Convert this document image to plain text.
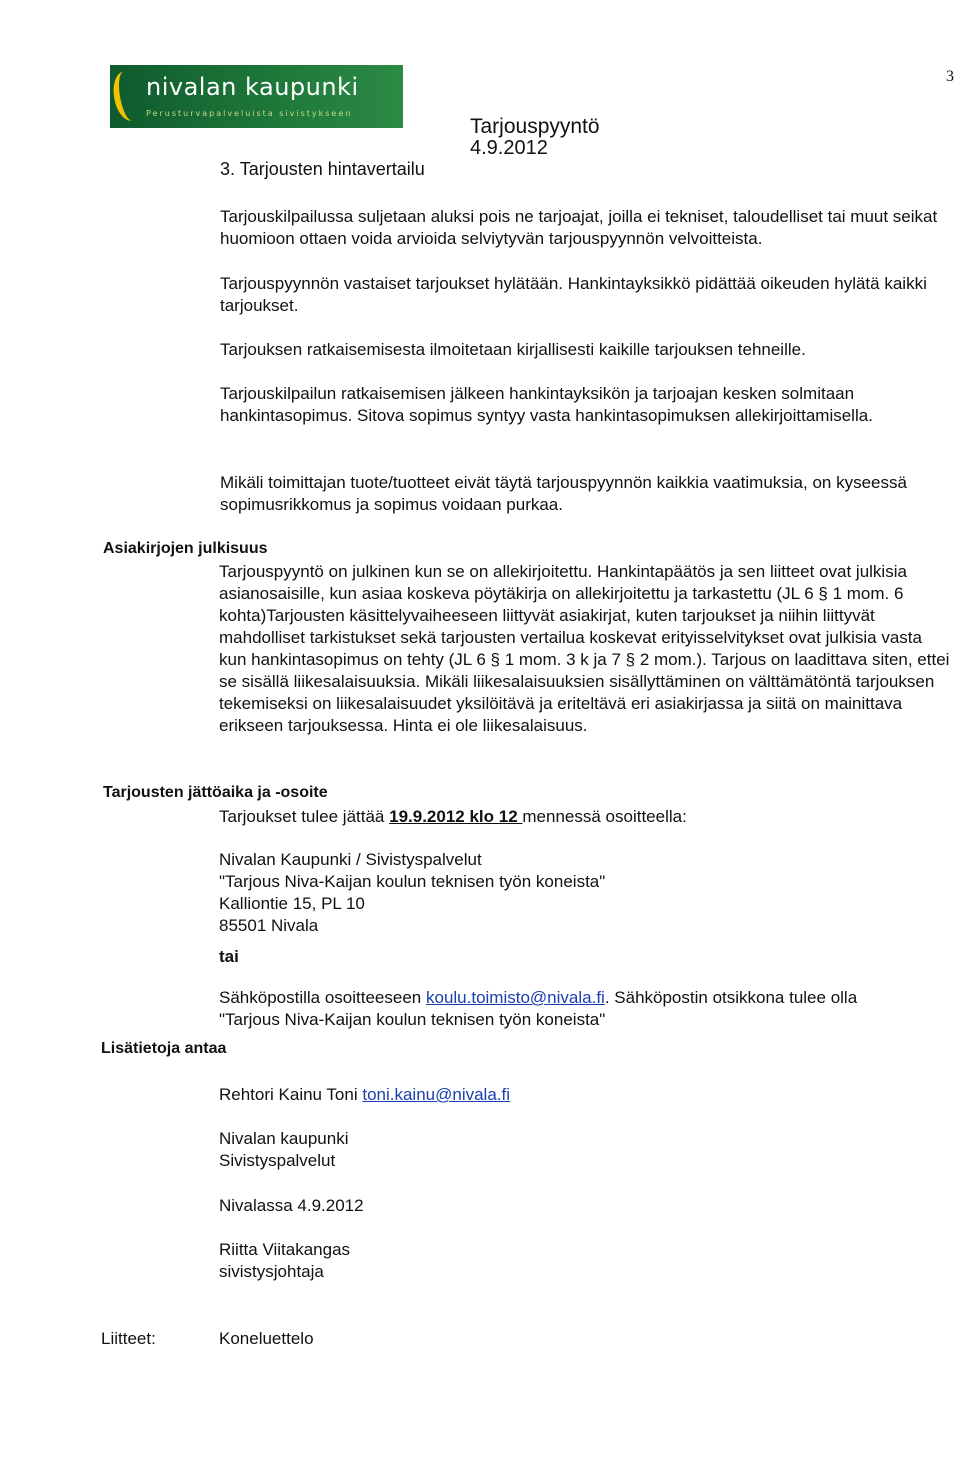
nivalan kaupunki
Perusturvapalveluista sivistykseen
3
Tarjouspyyntö
4.9.2012
3. Tarjousten hintavertailu

Tarjouskilpailussa suljetaan aluksi pois ne tarjoajat, joilla ei tekniset, taloudelliset tai muut seikat huomioon ottaen voida arvioida selviytyvän tarjouspyynnön velvoitteista.

Tarjouspyynnön vastaiset tarjoukset hylätään. Hankintayksikkö pidättää oikeuden hylätä kaikki tarjoukset.

Tarjouksen ratkaisemisesta ilmoitetaan kirjallisesti kaikille tarjouksen tehneille.

Tarjouskilpailun ratkaisemisen jälkeen hankintayksikön ja tarjoajan kesken solmitaan hankintasopimus. Sitova sopimus syntyy vasta hankintasopimuksen allekirjoittamisella.

Mikäli toimittajan tuote/tuotteet eivät täytä tarjouspyynnön kaikkia vaatimuksia, on kyseessä sopimusrikkomus ja sopimus voidaan purkaa.

Asiakirjojen julkisuus

Tarjouspyyntö on julkinen kun se on allekirjoitettu. Hankintapäätös ja sen liitteet ovat julkisia asianosaisille, kun asiaa koskeva pöytäkirja on allekirjoitettu ja tarkastettu (JL 6 § 1 mom. 6 kohta)Tarjousten käsittelyvaiheeseen liittyvät asiakirjat, kuten tarjoukset ja niihin liittyvät mahdolliset tarkistukset sekä tarjousten vertailua koskevat erityisselvitykset ovat julkisia vasta kun hankintasopimus on tehty (JL 6 § 1 mom. 3 k ja 7 § 2 mom.). Tarjous on laadittava siten, ettei se sisällä liikesalaisuuksia. Mikäli liikesalaisuuksien sisällyttäminen on välttämätöntä tarjouksen tekemiseksi on liikesalaisuudet yksilöitävä ja eriteltävä eri asiakirjassa ja siitä on mainittava erikseen tarjouksessa. Hinta ei ole liikesalaisuus.

Tarjousten jättöaika ja -osoite
Tarjoukset tulee jättää 19.9.2012 klo 12 mennessä osoitteella:
Nivalan Kaupunki / Sivistyspalvelut
"Tarjous Niva-Kaijan koulun teknisen työn koneista"
Kalliontie 15, PL 10
85501 Nivala
tai
Sähköpostilla osoitteeseen koulu.toimisto@nivala.fi. Sähköpostin otsikkona tulee olla
"Tarjous Niva-Kaijan koulun teknisen työn koneista"
Lisätietoja antaa
Rehtori Kainu Toni toni.kainu@nivala.fi
Nivalan kaupunki
Sivistyspalvelut
Nivalassa 4.9.2012
Riitta Viitakangas
sivistysjohtaja
Liitteet:	Koneluettelo
